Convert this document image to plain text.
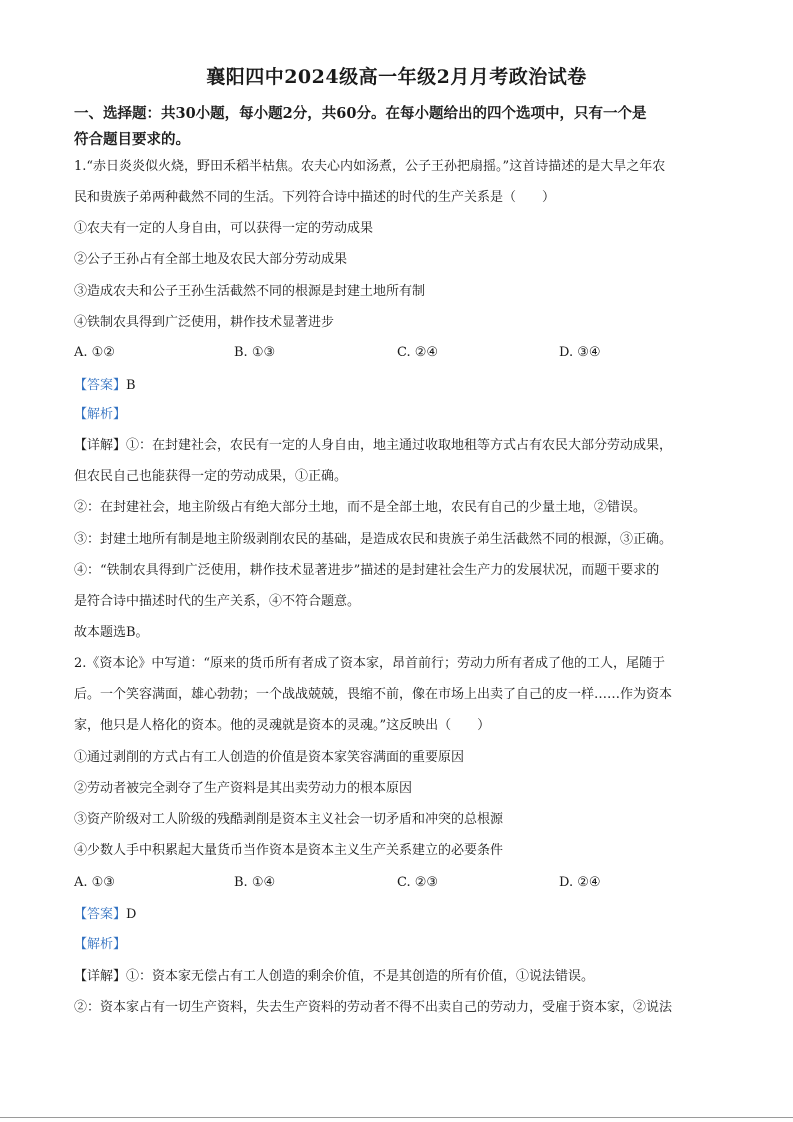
襄阳四中2024级高一年级2月月考政治试卷
一、选择题：共30小题，每小题2分，共60分。在每小题给出的四个选项中，只有一个是
符合题目要求的。
1.“赤日炎炎似火烧，野田禾稻半枯焦。农夫心内如汤煮，公子王孙把扇摇。”这首诗描述的是大旱之年农
民和贵族子弟两种截然不同的生活。下列符合诗中描述的时代的生产关系是（　　）
①农夫有一定的人身自由，可以获得一定的劳动成果
②公子王孙占有全部土地及农民大部分劳动成果
③造成农夫和公子王孙生活截然不同的根源是封建土地所有制
④铁制农具得到广泛使用，耕作技术显著进步
A. ①②	B. ①③	C. ②④	D. ③④
【答案】B
【解析】
【详解】①：在封建社会，农民有一定的人身自由，地主通过收取地租等方式占有农民大部分劳动成果，
但农民自己也能获得一定的劳动成果，①正确。
②：在封建社会，地主阶级占有绝大部分土地，而不是全部土地，农民有自己的少量土地，②错误。
③：封建土地所有制是地主阶级剥削农民的基础，是造成农民和贵族子弟生活截然不同的根源，③正确。
④：“铁制农具得到广泛使用，耕作技术显著进步”描述的是封建社会生产力的发展状况，而题干要求的
是符合诗中描述时代的生产关系，④不符合题意。
故本题选B。
2.《资本论》中写道：“原来的货币所有者成了资本家，昂首前行；劳动力所有者成了他的工人，尾随于
后。一个笑容满面，雄心勃勃；一个战战兢兢，畏缩不前，像在市场上出卖了自己的皮一样……作为资本
家，他只是人格化的资本。他的灵魂就是资本的灵魂。”这反映出（　　）
①通过剥削的方式占有工人创造的价值是资本家笑容满面的重要原因
②劳动者被完全剥夺了生产资料是其出卖劳动力的根本原因
③资产阶级对工人阶级的残酷剥削是资本主义社会一切矛盾和冲突的总根源
④少数人手中积累起大量货币当作资本是资本主义生产关系建立的必要条件
A. ①③	B. ①④	C. ②③	D. ②④
【答案】D
【解析】
【详解】①：资本家无偿占有工人创造的剩余价值，不是其创造的所有价值，①说法错误。
②：资本家占有一切生产资料，失去生产资料的劳动者不得不出卖自己的劳动力，受雇于资本家，②说法
